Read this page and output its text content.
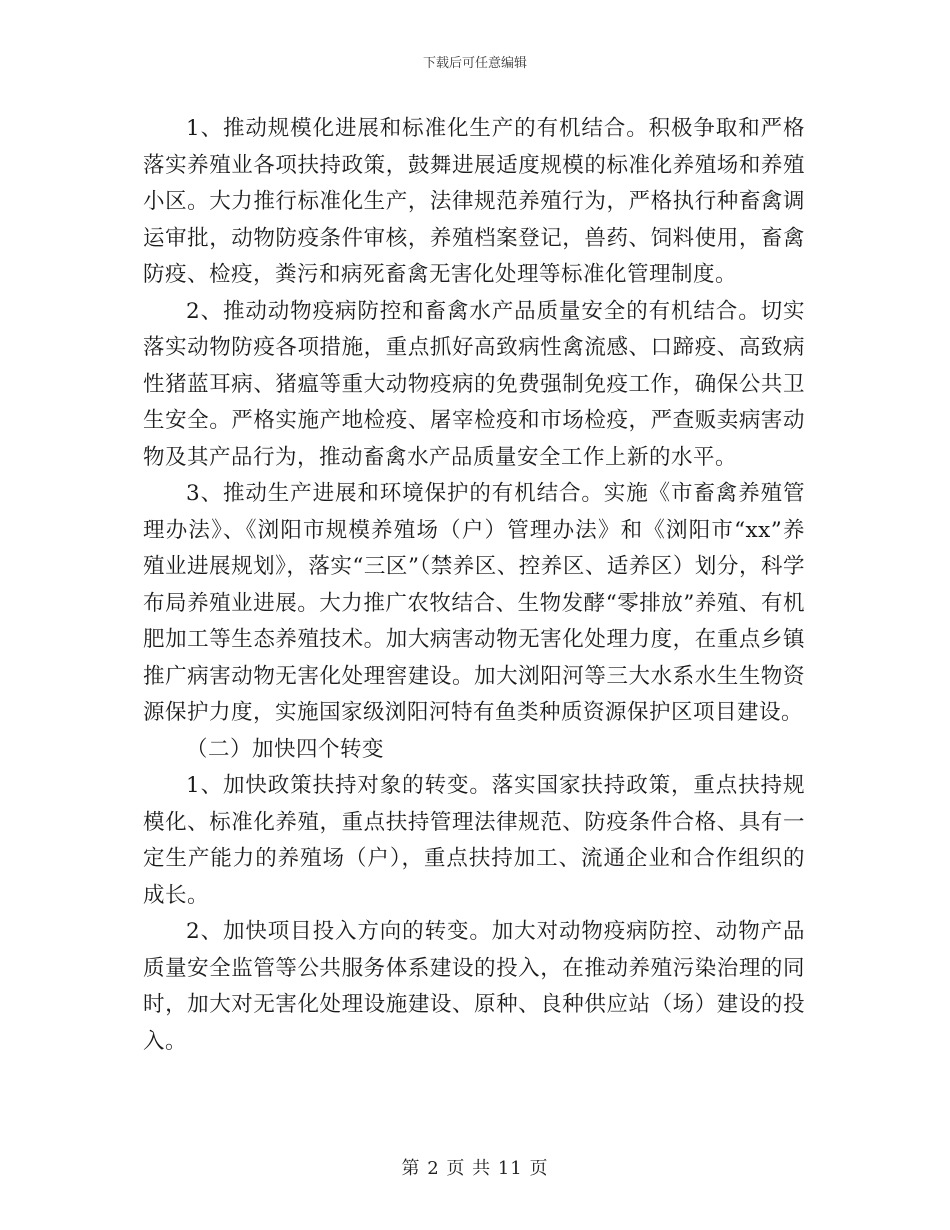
下载后可任意编辑

1、推动规模化进展和标准化生产的有机结合。积极争取和严格落实养殖业各项扶持政策，鼓舞进展适度规模的标准化养殖场和养殖小区。大力推行标准化生产，法律规范养殖行为，严格执行种畜禽调运审批，动物防疫条件审核，养殖档案登记，兽药、饲料使用，畜禽防疫、检疫，粪污和病死畜禽无害化处理等标准化管理制度。

2、推动动物疫病防控和畜禽水产品质量安全的有机结合。切实落实动物防疫各项措施，重点抓好高致病性禽流感、口蹄疫、高致病性猪蓝耳病、猪瘟等重大动物疫病的免费强制免疫工作，确保公共卫生安全。严格实施产地检疫、屠宰检疫和市场检疫，严查贩卖病害动物及其产品行为，推动畜禽水产品质量安全工作上新的水平。

3、推动生产进展和环境保护的有机结合。实施《市畜禽养殖管理办法》、《浏阳市规模养殖场（户）管理办法》和《浏阳市“xx”养殖业进展规划》，落实“三区”（禁养区、控养区、适养区）划分，科学布局养殖业进展。大力推广农牧结合、生物发酵“零排放”养殖、有机肥加工等生态养殖技术。加大病害动物无害化处理力度，在重点乡镇推广病害动物无害化处理窖建设。加大浏阳河等三大水系水生生物资源保护力度，实施国家级浏阳河特有鱼类种质资源保护区项目建设。

（二）加快四个转变

1、加快政策扶持对象的转变。落实国家扶持政策，重点扶持规模化、标准化养殖，重点扶持管理法律规范、防疫条件合格、具有一定生产能力的养殖场（户），重点扶持加工、流通企业和合作组织的成长。

2、加快项目投入方向的转变。加大对动物疫病防控、动物产品质量安全监管等公共服务体系建设的投入，在推动养殖污染治理的同时，加大对无害化处理设施建设、原种、良种供应站（场）建设的投入。

第 2 页 共 11 页
